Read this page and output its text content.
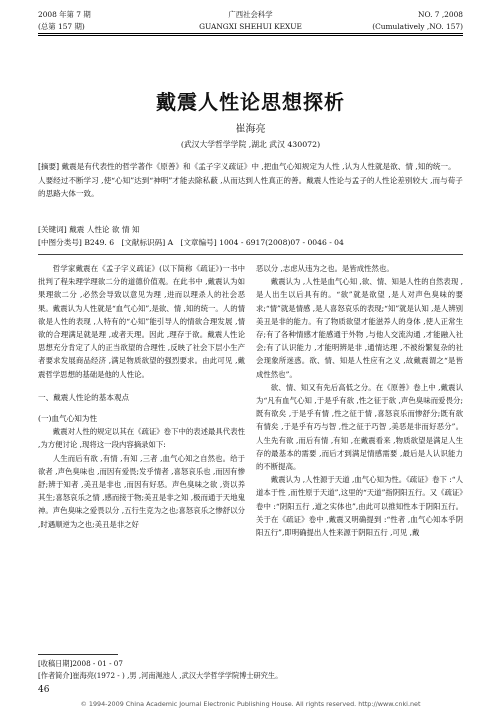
2008 年第 7 期
(总第 157 期)
广西社会科学
GUANGXI SHEHUI KEXUE
NO. 7 ,2008
(Cumulatively ,NO. 157)
戴震人性论思想探析
崔海亮
(武汉大学哲学学院 ,湖北 武汉 430072)
[摘要] 戴震是有代表性的哲学著作《原善》和《孟子字义疏证》中 ,把血气心知规定为人性 ,认为人性就是欲、情 ,知的统一。人要经过不断学习 ,使“心知”达到“神明”才能去除私蔽 ,从而达到人性真正的善。戴震人性论与孟子的人性论差别较大 ,而与荀子的思路大体一致。
[关键词] 戴震 人性论 欲 情 知
[中图分类号] B249. 6 [文献标识码] A [文章编号] 1004 - 6917(2008)07 - 0046 - 04

哲学家戴震在《孟子字义疏证》(以下简称《疏证》)一书中批判了程朱理学理欲二分的道德价值观。在此书中 ,戴震认为如果理欲二分 ,必然会导致以意见为理 ,进而以理杀人的社会恶果。戴震认为人性就是“血气心知”,是欲、情 ,知的统一。人的情欲是人性的表现 ,人特有的“心知”能引导人的情欲合理发展 ,情欲的合理满足就是理 ,或者天理。因此 ,理存于欲。戴震人性论思想充分肯定了人的正当欲望的合理性 ,反映了社会下层小生产者要求发展商品经济 ,满足物质欲望的强烈要求。由此可见 ,戴震哲学思想的基础是他的人性论。

一、戴震人性论的基本观点
(一)血气心知为性

戴震对人性的规定以其在《疏证》卷下中的表述最具代表性 ,为方便讨论 ,现将这一段内容摘录如下:

人生而后有欲 ,有情 ,有知 ,三者 ,血气心知之自然也。给于欲者 ,声色臭味也 ,而因有爱畏;发乎情者 ,喜怒哀乐也 ,而因有惨舒;辨于知者 ,美丑是非也 ,而因有好恶。声色臭味之欲 ,资以养其生;喜怒哀乐之情 ,感而接于物;美丑是非之知 ,极而通于天地鬼神。声色臭味之爱畏以分 ,五行生克为之也;喜怒哀乐之惨舒以分 ,时遇顺逆为之也;美丑是非之好

恶以分 ,志虑从违为之也。是皆成性然也。

戴震认为 ,人性是血气心知 ,欲、情、知是人性的自然表现 ,是人出生以后具有的。“欲”就是欲望 ,是人对声色臭味的要求;“情”就是情感 ,是人喜怒哀乐的表现;“知”就是认知 ,是人辨别美丑是非的能力。有了物质欲望才能滋养人的身体 ,使人正常生存;有了各种情感才能感通于外物 ,与他人交流沟通 ,才能融入社会;有了认识能力 ,才能明辨是非 ,通情达理 ,不被纷繁复杂的社会现象所迷惑。欲、情、知是人性应有之义 ,故戴震谓之“是皆成性然也”。

欲、情、知又有先后高低之分。在《原善》卷上中 ,戴震认为“凡有血气心知 ,于是乎有欲 ,性之征于欲 ,声色臭味而爱畏分;既有欲矣 ,于是乎有情 ,性之征于情 ,喜怒哀乐而惨舒分;既有欲有情矣 ,于是乎有巧与智 ,性之征于巧智 ,美恶是非而好恶分”。人生先有欲 ,而后有情 ,有知 ,在戴震看来 ,物质欲望是满足人生存的最基本的需要 ,而后才到满足情感需要 ,最后是人认识能力的不断提高。

戴震认为 ,人性源于天道 ,血气心知为性。《疏证》卷下 :“人道本于性 ,而性原于天道”,这里的“天道”指阴阳五行。又《疏证》卷中 :“阴阳五行 ,道之实体也”,由此可以推知性本于阴阳五行。关于在《疏证》卷中 ,戴震又明确提到 :“性者 ,血气心知本乎阴阳五行”,即明确提出人性来源于阴阳五行 ,可见 ,戴

[收稿日期]2008 - 01 - 07
[作者简介]崔海亮(1972 - ) ,男 ,河南渑池人 ,武汉大学哲学学院博士研究生。
46
© 1994-2009 China Academic Journal Electronic Publishing House. All rights reserved. http://www.cnki.net
